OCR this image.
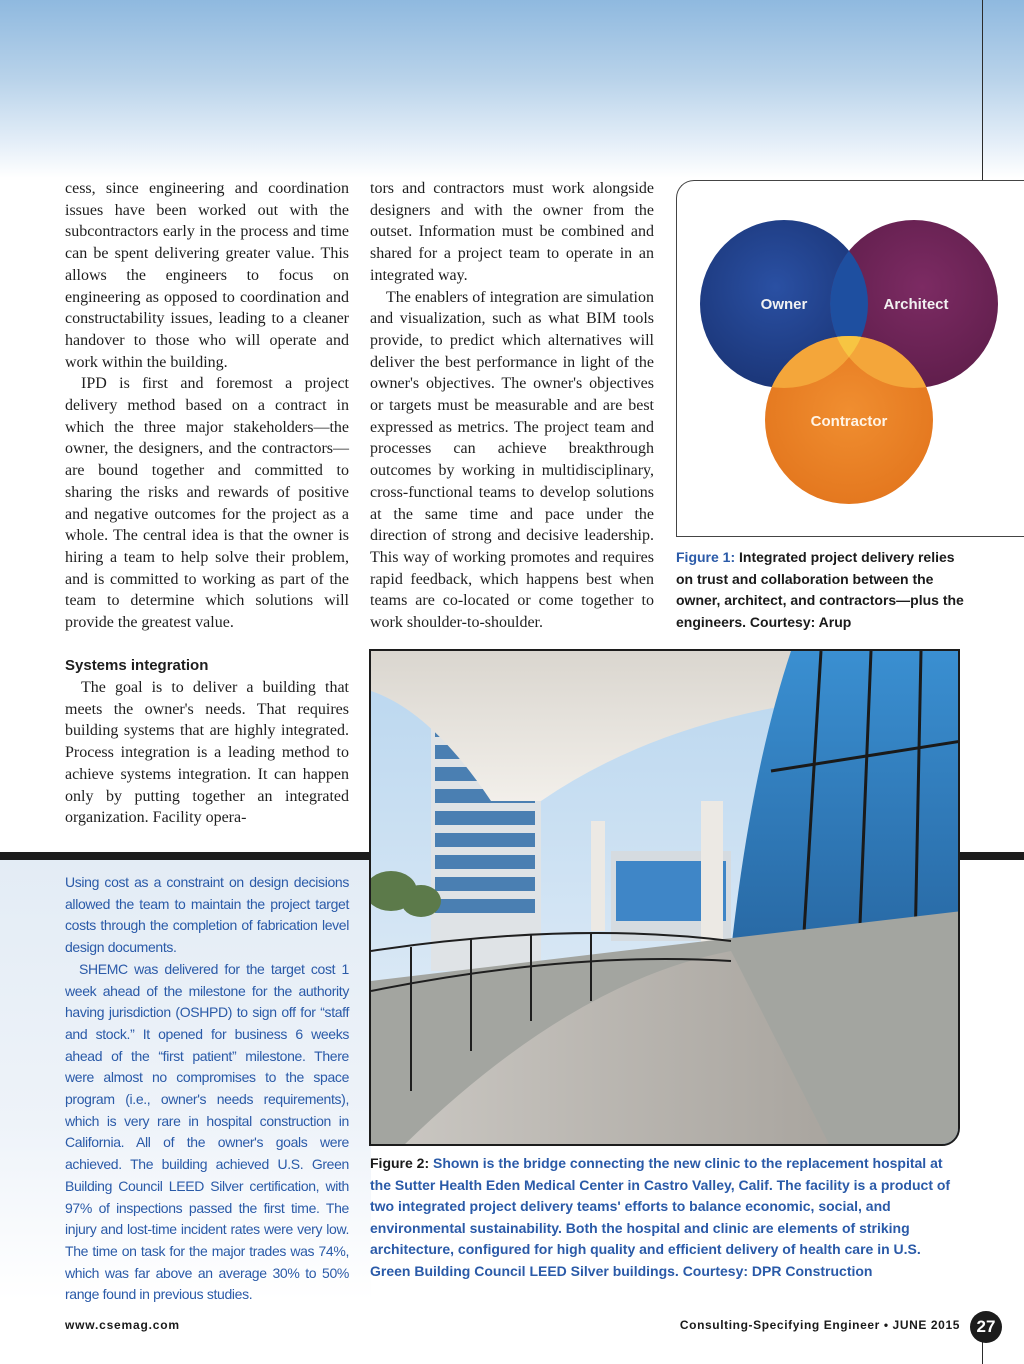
cess, since engineering and coordination issues have been worked out with the subcontractors early in the process and time can be spent delivering greater value. This allows the engineers to focus on engineering as opposed to coordination and constructability issues, leading to a cleaner handover to those who will operate and work within the building.

IPD is first and foremost a project delivery method based on a contract in which the three major stakeholders—the owner, the designers, and the contractors—are bound together and committed to sharing the risks and rewards of positive and negative outcomes for the project as a whole. The central idea is that the owner is hiring a team to help solve their problem, and is committed to working as part of the team to determine which solutions will provide the greatest value.

tors and contractors must work alongside designers and with the owner from the outset. Information must be combined and shared for a project team to operate in an integrated way.

The enablers of integration are simulation and visualization, such as what BIM tools provide, to predict which alternatives will deliver the best performance in light of the owner's objectives. The owner's objectives or targets must be measurable and are best expressed as metrics. The project team and processes can achieve breakthrough outcomes by working in multidisciplinary, cross-functional teams to develop solutions at the same time and pace under the direction of strong and decisive leadership. This way of working promotes and requires rapid feedback, which happens best when teams are co-located or come together to work shoulder-to-shoulder.

Systems integration

The goal is to deliver a building that meets the owner's needs. That requires building systems that are highly integrated. Process integration is a leading method to achieve systems integration. It can happen only by putting together an integrated organization. Facility opera-

Owner	Architect
Contractor
Figure 1: Integrated project delivery relies on trust and collaboration between the owner, architect, and contractors—plus the engineers. Courtesy: Arup

Using cost as a constraint on design decisions allowed the team to maintain the project target costs through the completion of fabrication level design documents.

SHEMC was delivered for the target cost 1 week ahead of the milestone for the authority having jurisdiction (OSHPD) to sign off for “staff and stock.” It opened for business 6 weeks ahead of the “first patient” milestone. There were almost no compromises to the space program (i.e., owner's needs requirements), which is very rare in hospital construction in California. All of the owner's goals were achieved. The building achieved U.S. Green Building Council LEED Silver certification, with 97% of inspections passed the first time. The injury and lost-time incident rates were very low. The time on task for the major trades was 74%, which was far above an average 30% to 50% range found in previous studies.

Figure 2: Shown is the bridge connecting the new clinic to the replacement hospital at the Sutter Health Eden Medical Center in Castro Valley, Calif. The facility is a product of two integrated project delivery teams' efforts to balance economic, social, and environmental sustainability. Both the hospital and clinic are elements of striking architecture, configured for high quality and efficient delivery of health care in U.S. Green Building Council LEED Silver buildings. Courtesy: DPR Construction
www.csemag.com	Consulting-Specifying Engineer • JUNE 2015 27
